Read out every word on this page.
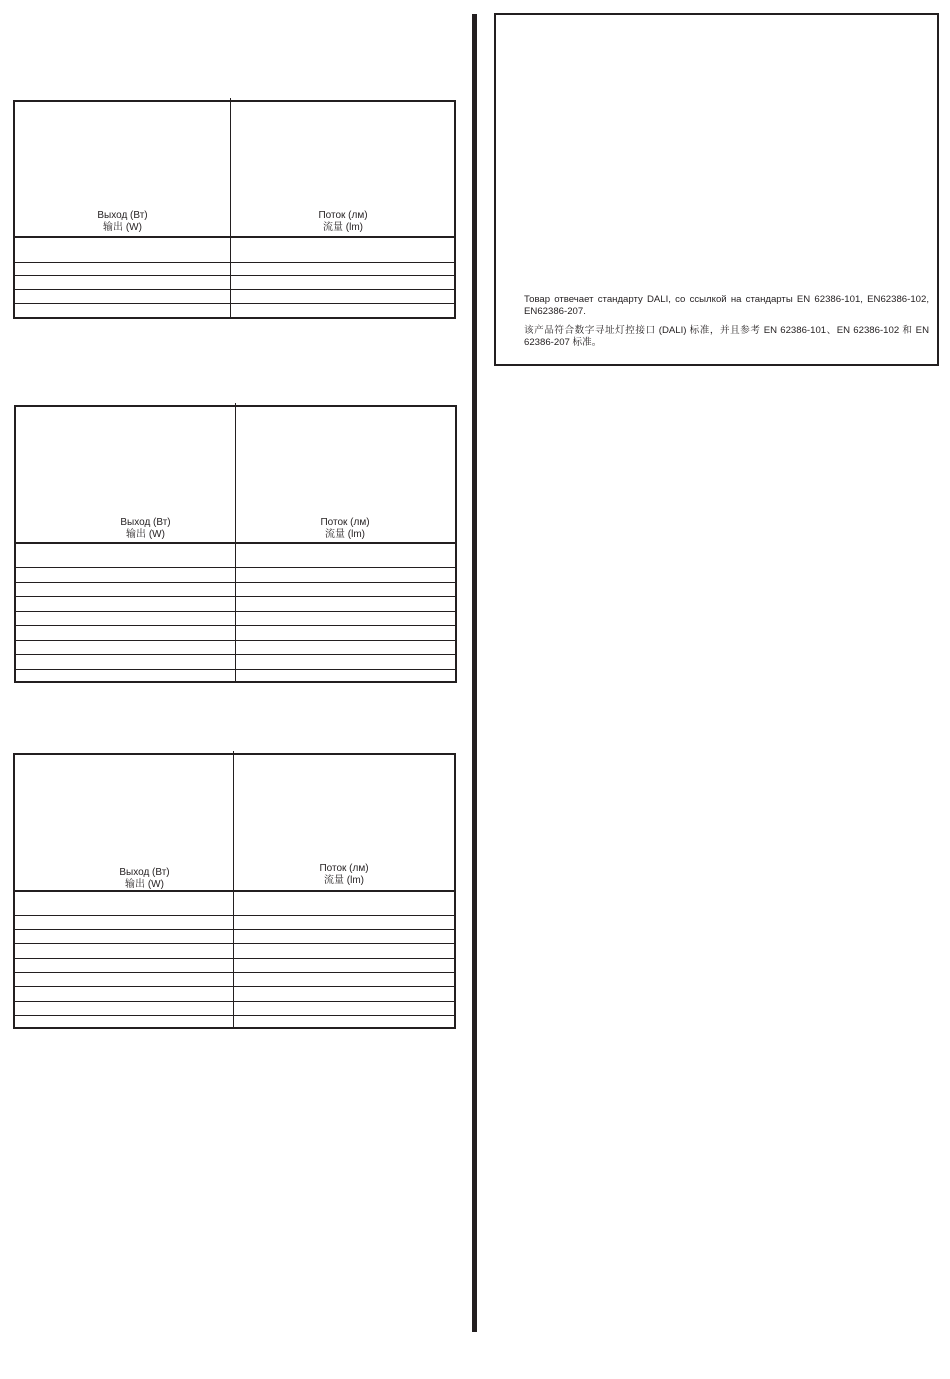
Выход (Вт)
输出 (W)
Поток (лм)
流量 (lm)
Выход (Вт)
输出 (W)
Поток (лм)
流量 (lm)
Выход (Вт)
输出 (W)
Поток (лм)
流量 (lm)
Товар отвечает стандарту DALI, со ссылкой на стандарты EN 62386-101, EN62386-102, EN62386-207.
该产品符合数字寻址灯控接口 (DALI) 标准，并且参考 EN 62386-101、EN 62386-102 和 EN 62386-207 标准。
